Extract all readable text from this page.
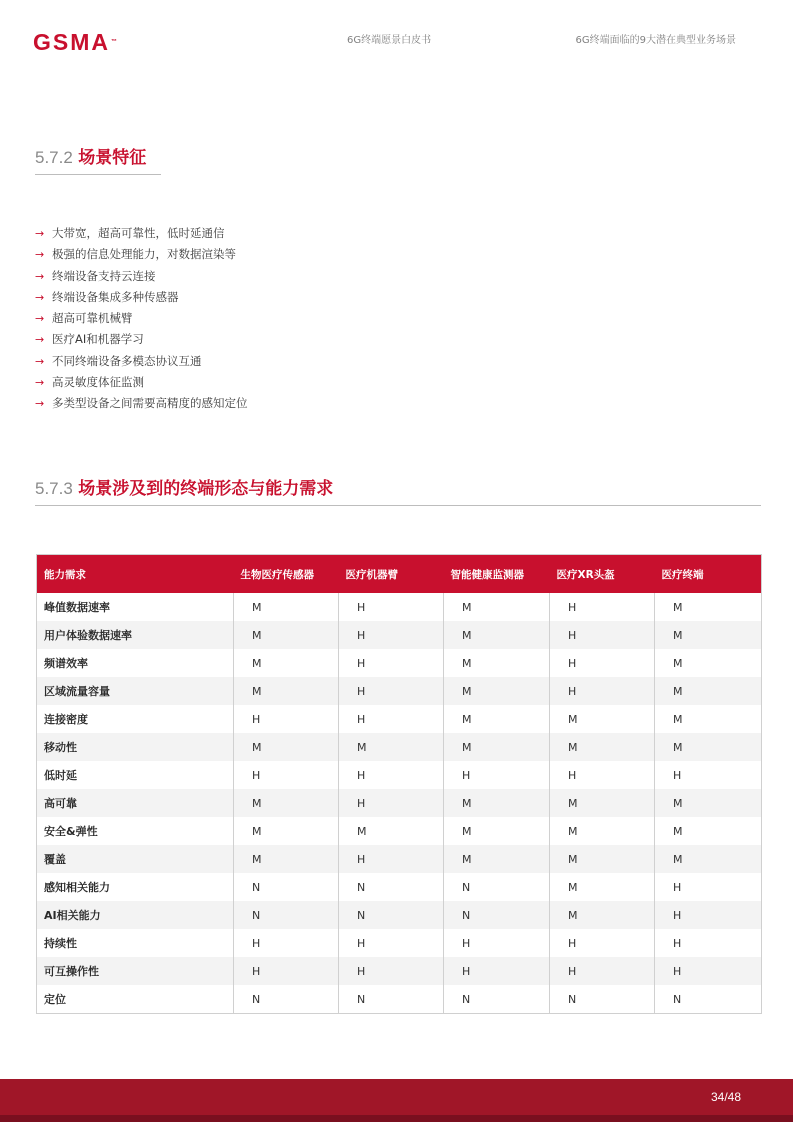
GSMA™	6G终端愿景白皮书	6G终端面临的9大潜在典型业务场景
5.7.2 场景特征
→ 大带宽，超高可靠性，低时延通信
→ 极强的信息处理能力，对数据渲染等
→ 终端设备支持云连接
→ 终端设备集成多种传感器
→ 超高可靠机械臂
→ 医疗AI和机器学习
→ 不同终端设备多模态协议互通
→ 高灵敏度体征监测
→ 多类型设备之间需要高精度的感知定位
5.7.3 场景涉及到的终端形态与能力需求
能力需求	生物医疗传感器	医疗机器臂	智能健康监测器	医疗XR头盔	医疗终端
峰值数据速率	M	H	M	H	M
用户体验数据速率	M	H	M	H	M
频谱效率	M	H	M	H	M
区域流量容量	M	H	M	H	M
连接密度	H	H	M	M	M
移动性	M	M	M	M	M
低时延	H	H	H	H	H
高可靠	M	H	M	M	M
安全&弹性	M	M	M	M	M
覆盖	M	H	M	M	M
感知相关能力	N	N	N	M	H
AI相关能力	N	N	N	M	H
持续性	H	H	H	H	H
可互操作性	H	H	H	H	H
定位	N	N	N	N	N
34/48
